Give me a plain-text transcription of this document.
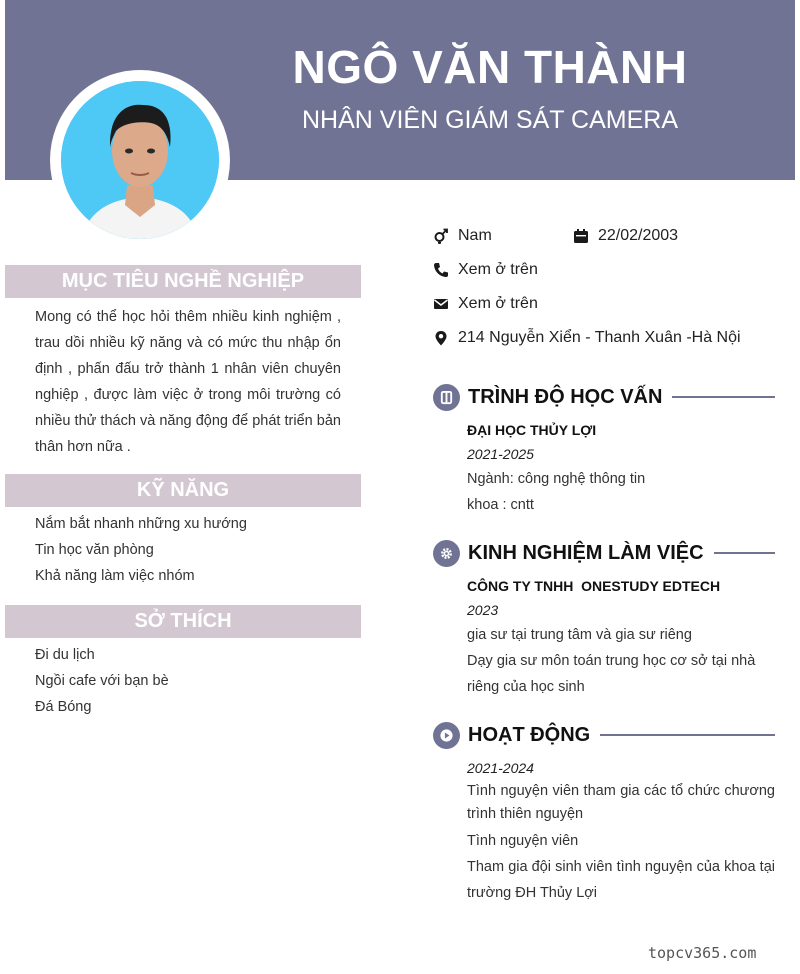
NGÔ VĂN THÀNH
NHÂN VIÊN GIÁM SÁT CAMERA
MỤC TIÊU NGHỀ NGHIỆP
Mong có thể học hỏi thêm nhiều kinh nghiệm , trau dồi nhiều kỹ năng và có mức thu nhập ổn định , phấn đấu trở thành 1 nhân viên chuyên nghiệp , được làm việc ở trong môi trường có nhiều thử thách và năng động để phát triển bản thân hơn nữa .
KỸ NĂNG
Nắm bắt nhanh những xu hướng
Tin học văn phòng
Khả năng làm việc nhóm
SỞ THÍCH
Đi du lịch
Ngồi cafe với bạn bè
Đá Bóng
Nam	22/02/2003
Xem ở trên
Xem ở trên
214 Nguyễn Xiển - Thanh Xuân -Hà Nội
TRÌNH ĐỘ HỌC VẤN
ĐẠI HỌC THỦY LỢI
2021-2025
Ngành: công nghệ thông tin
khoa : cntt
KINH NGHIỆM LÀM VIỆC
CÔNG TY TNHH  ONESTUDY EDTECH
2023
gia sư tại trung tâm và gia sư riêng
Dạy gia sư môn toán trung học cơ sở tại nhà riêng của học sinh
HOẠT ĐỘNG
2021-2024
Tình nguyện viên tham gia các tổ chức chương trình thiên nguyện
Tình nguyện viên
Tham gia đội sinh viên tình nguyện của khoa tại trường ĐH Thủy Lợi
topcv365.com
